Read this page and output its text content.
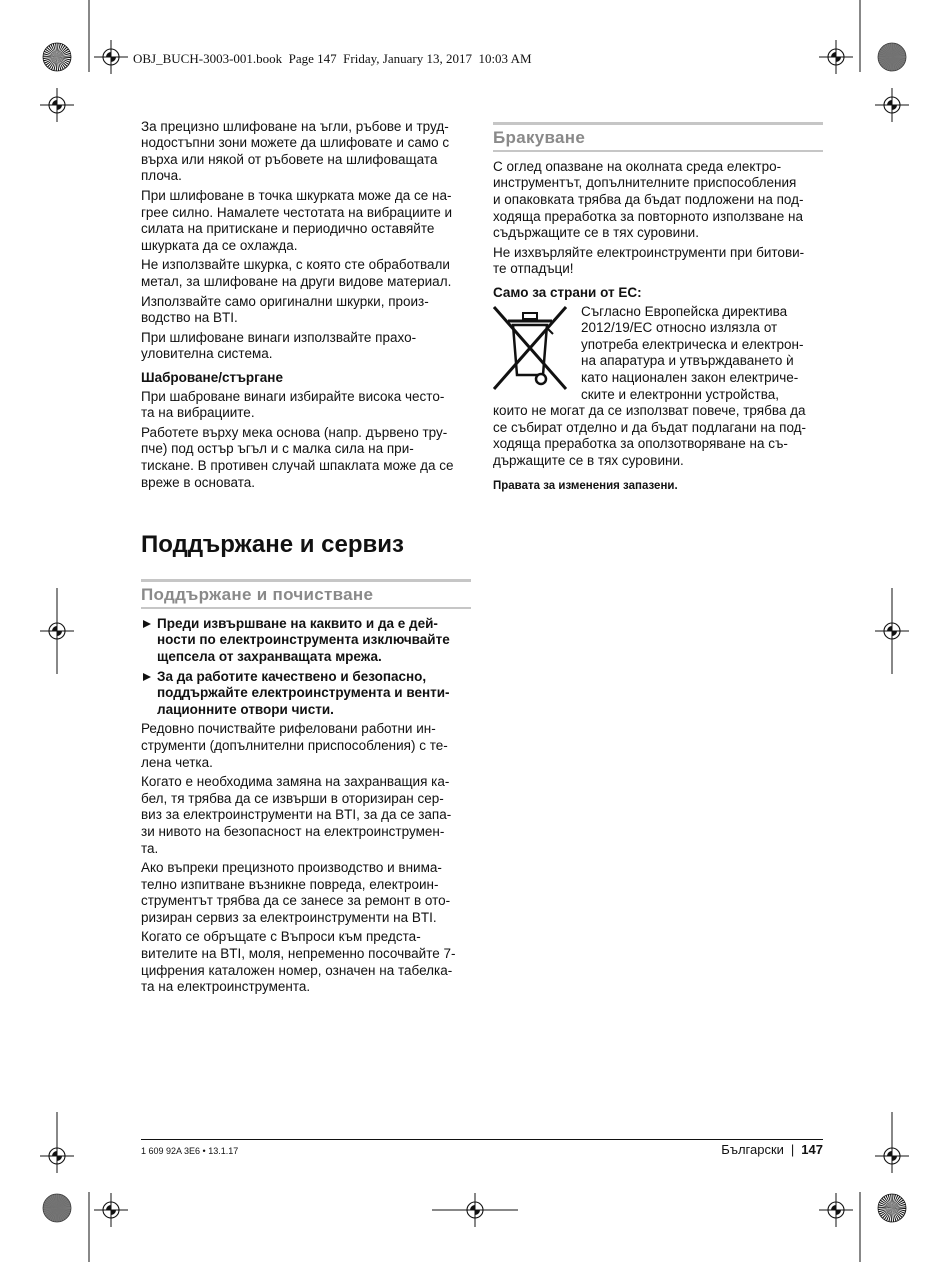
OBJ_BUCH-3003-001.book  Page 147  Friday, January 13, 2017  10:03 AM

За прецизно шлифоване на ъгли, ръбове и труд-
нодостъпни зони можете да шлифовате и само с
върха или някой от ръбовете на шлифоващата
плоча.

При шлифоване в точка шкурката може да се на-
грее силно. Намалете честотата на вибрациите и
силата на притискане и периодично оставяйте
шкурката да се охлажда.

Не използвайте шкурка, с която сте обработвали
метал, за шлифоване на други видове материал.

Използвайте само оригинални шкурки, произ-
водство на BTI.

При шлифоване винаги използвайте прахо-
уловителна система.

Шаброване/стъргане

При шаброване винаги избирайте висока често-
та на вибрациите.

Работете върху мека основа (напр. дървено тру-
пче) под остър ъгъл и с малка сила на при-
тискане. В противен случай шпаклата може да се
вреже в основата.

Поддържане и сервиз
Поддържане и почистване
Преди извършване на каквито и да е дей-
ности по електроинструмента изключвайте
щепсела от захранващата мрежа.
За да работите качествено и безопасно,
поддържайте електроинструмента и венти-
лационните отвори чисти.

Редовно почиствайте рифеловани работни ин-
струменти (допълнителни приспособления) с те-
лена четка.

Когато е необходима замяна на захранващия ка-
бел, тя трябва да се извърши в оторизиран сер-
виз за електроинструменти на BTI, за да се запа-
зи нивото на безопасност на електроинструмен-
та.

Ако въпреки прецизното производство и внима-
телно изпитване възникне повреда, електроин-
струментът трябва да се занесе за ремонт в ото-
ризиран сервиз за електроинструменти на BTI.

Когато се обръщате с Въпроси към предста-
вителите на BTI, моля, непременно посочвайте 7-
цифрения каталожен номер, означен на табелка-
та на електроинструмента.

Бракуване

С оглед опазване на околната среда електро-
инструментът, допълнителните приспособления
и опаковката трябва да бъдат подложени на под-
ходяща преработка за повторното използване на
съдържащите се в тях суровини.

Не изхвърляйте електроинструменти при битови-
те отпадъци!

Само за страни от ЕС:

Съгласно Европейска директива
2012/19/ЕС относно излязла от
употреба електрическа и електрон-
на апаратура и утвърждаването ѝ
като национален закон електриче-
ските и електронни устройства,
които не могат да се използват повече, трябва да
се събират отделно и да бъдат подлагани на под-
ходяща преработка за оползотворяване на съ-
държащите се в тях суровини.

Правата за изменения запазени.
1 609 92A 3E6 • 13.1.17	Български | 147
